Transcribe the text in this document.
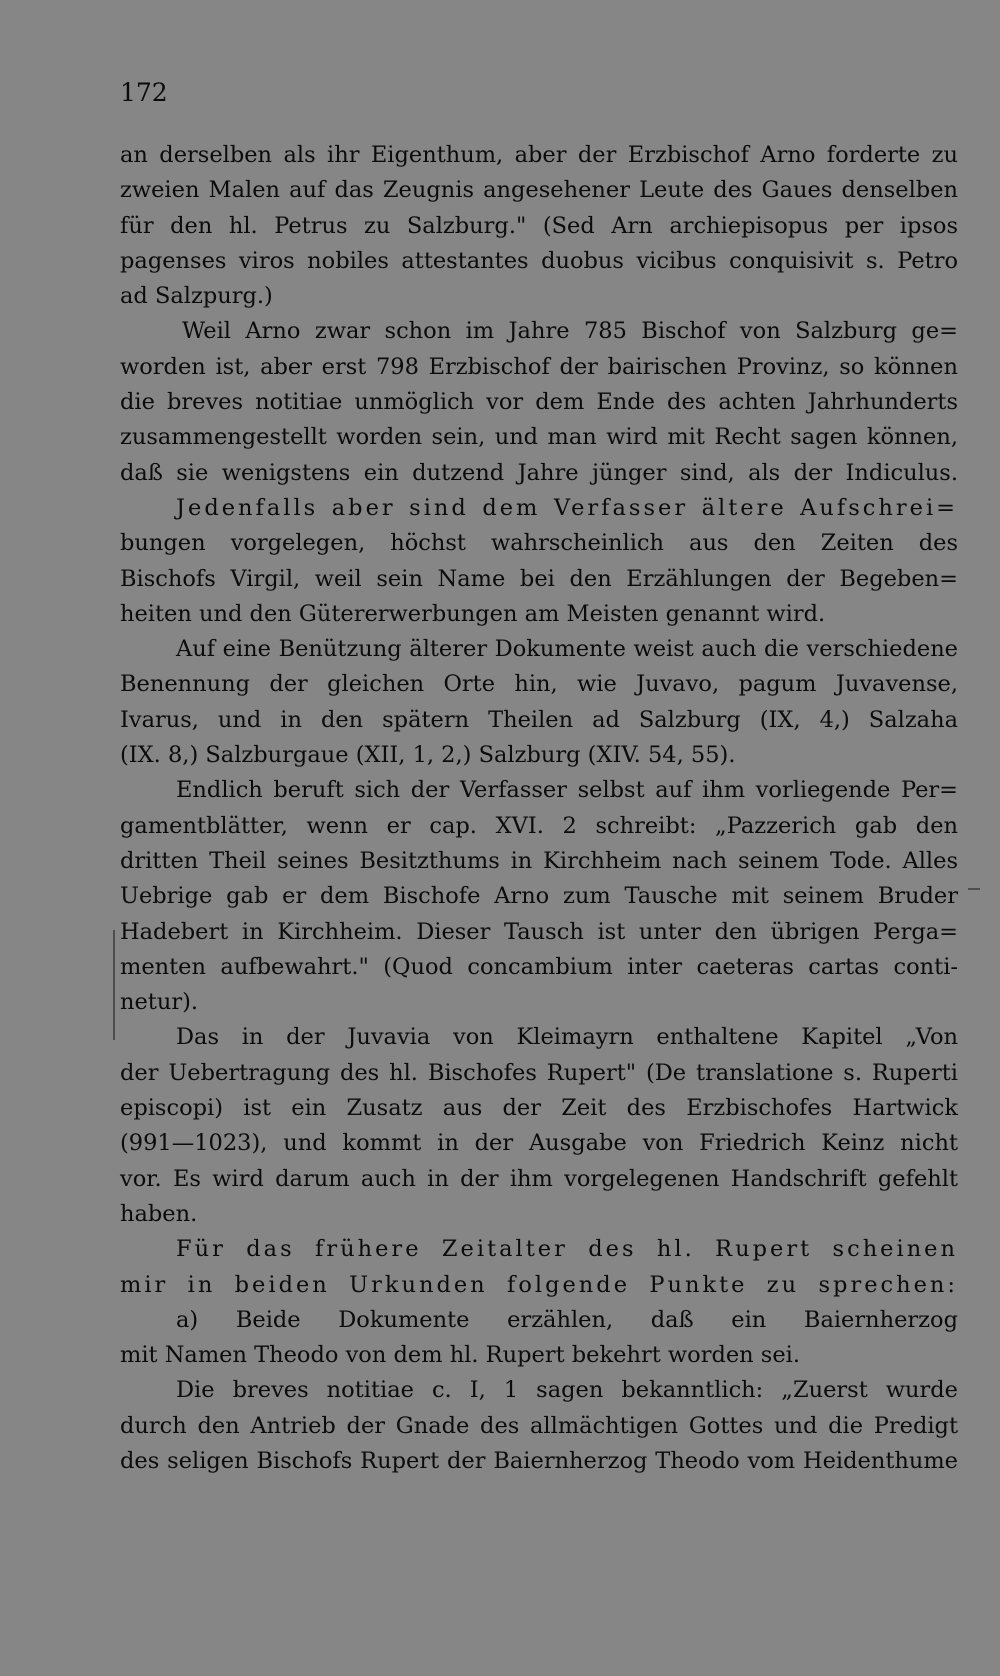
172
an derselben als ihr Eigenthum, aber der Erzbischof Arno forderte zu
zweien Malen auf das Zeugnis angesehener Leute des Gaues denselben
für den hl. Petrus zu Salzburg." (Sed Arn archiepisopus per ipsos
pagenses viros nobiles attestantes duobus vicibus conquisivit s. Petro
ad Salzpurg.)
Weil Arno zwar schon im Jahre 785 Bischof von Salzburg ge=
worden ist, aber erst 798 Erzbischof der bairischen Provinz, so können
die breves notitiae unmöglich vor dem Ende des achten Jahrhunderts
zusammengestellt worden sein, und man wird mit Recht sagen können,
daß sie wenigstens ein dutzend Jahre jünger sind, als der Indiculus.
Jedenfalls aber sind dem Verfasser ältere Aufschrei=
bungen vorgelegen, höchst wahrscheinlich aus den Zeiten des
Bischofs Virgil, weil sein Name bei den Erzählungen der Begeben=
heiten und den Gütererwerbungen am Meisten genannt wird.
Auf eine Benützung älterer Dokumente weist auch die verschiedene
Benennung der gleichen Orte hin, wie Juvavo, pagum Juvavense,
Ivarus, und in den spätern Theilen ad Salzburg (IX, 4,) Salzaha
(IX. 8,) Salzburgaue (XII, 1, 2,) Salzburg (XIV. 54, 55).
Endlich beruft sich der Verfasser selbst auf ihm vorliegende Per=
gamentblätter, wenn er cap. XVI. 2 schreibt: „Pazzerich gab den
dritten Theil seines Besitzthums in Kirchheim nach seinem Tode. Alles
Uebrige gab er dem Bischofe Arno zum Tausche mit seinem Bruder
Hadebert in Kirchheim. Dieser Tausch ist unter den übrigen Perga=
menten aufbewahrt." (Quod concambium inter caeteras cartas conti-
netur).
Das in der Juvavia von Kleimayrn enthaltene Kapitel „Von
der Uebertragung des hl. Bischofes Rupert" (De translatione s. Ruperti
episcopi) ist ein Zusatz aus der Zeit des Erzbischofes Hartwick
(991—1023), und kommt in der Ausgabe von Friedrich Keinz nicht
vor. Es wird darum auch in der ihm vorgelegenen Handschrift gefehlt
haben.
Für das frühere Zeitalter des hl. Rupert scheinen
mir in beiden Urkunden folgende Punkte zu sprechen:
a) Beide Dokumente erzählen, daß ein Baiernherzog
mit Namen Theodo von dem hl. Rupert bekehrt worden sei.
Die breves notitiae c. I, 1 sagen bekanntlich: „Zuerst wurde
durch den Antrieb der Gnade des allmächtigen Gottes und die Predigt
des seligen Bischofs Rupert der Baiernherzog Theodo vom Heidenthume
